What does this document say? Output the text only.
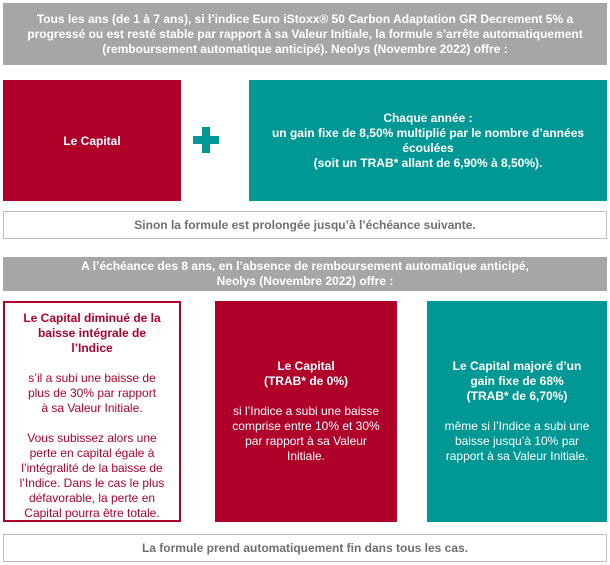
Tous les ans (de 1 à 7 ans), si l’indice Euro iStoxx® 50 Carbon Adaptation GR Decrement 5% a progressé ou est resté stable par rapport à sa Valeur Initiale, la formule s’arrête automatiquement (remboursement automatique anticipé). Neolys (Novembre 2022) offre :
Le Capital
Chaque année :
un gain fixe de 8,50% multiplié par le nombre d’années écoulées
(soit un TRAB* allant de 6,90% à 8,50%).
Sinon la formule est prolongée jusqu’à l’échéance suivante.
A l’échéance des 8 ans, en l’absence de remboursement automatique anticipé, Neolys (Novembre 2022) offre :
Le Capital diminué de la baisse intégrale de l’Indice
s’il a subi une baisse de plus de 30% par rapport à sa Valeur Initiale.
Vous subissez alors une perte en capital égale à l’intégralité de la baisse de l’Indice. Dans le cas le plus défavorable, la perte en Capital pourra être totale.
Le Capital
(TRAB* de 0%)
si l’Indice a subi une baisse comprise entre 10% et 30% par rapport à sa Valeur Initiale.
Le Capital majoré d’un gain fixe de 68%
(TRAB* de 6,70%)
même si l’Indice a subi une baisse jusqu’à 10% par rapport à sa Valeur Initiale.
La formule prend automatiquement fin dans tous les cas.
